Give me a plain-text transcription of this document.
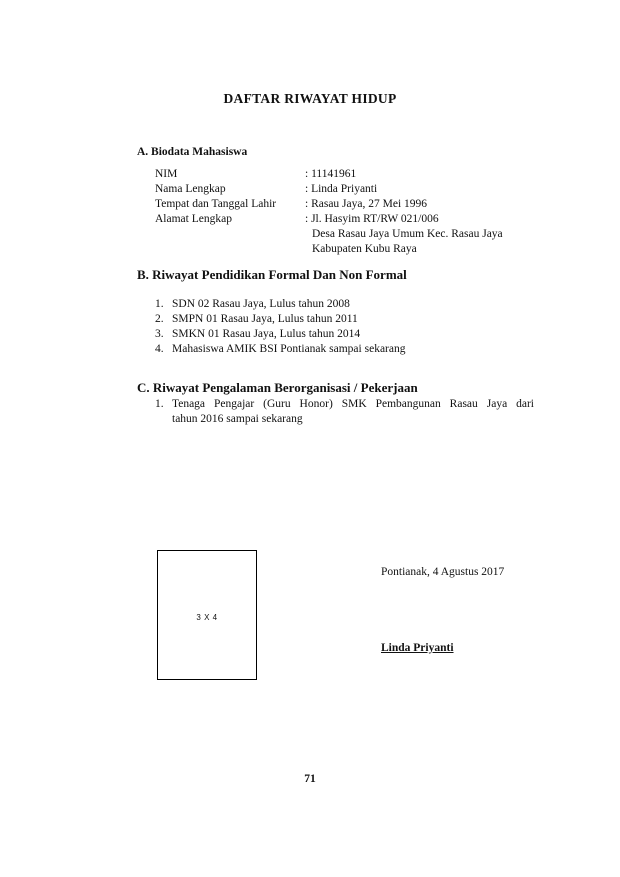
DAFTAR RIWAYAT HIDUP
A. Biodata Mahasiswa
NIM	: 11141961
Nama Lengkap	: Linda Priyanti
Tempat dan Tanggal Lahir	: Rasau Jaya, 27 Mei 1996
Alamat Lengkap	: Jl. Hasyim RT/RW 021/006
Desa Rasau Jaya Umum Kec. Rasau Jaya
Kabupaten Kubu Raya
B. Riwayat Pendidikan Formal Dan Non Formal
1. SDN 02 Rasau Jaya, Lulus tahun 2008
2. SMPN 01 Rasau Jaya, Lulus tahun 2011
3. SMKN 01 Rasau Jaya, Lulus tahun 2014
4. Mahasiswa AMIK BSI Pontianak sampai sekarang
C. Riwayat Pengalaman Berorganisasi / Pekerjaan
1. Tenaga Pengajar (Guru Honor) SMK Pembangunan Rasau Jaya dari
tahun 2016 sampai sekarang
3 X 4
Pontianak, 4 Agustus 2017
Linda Priyanti
71
